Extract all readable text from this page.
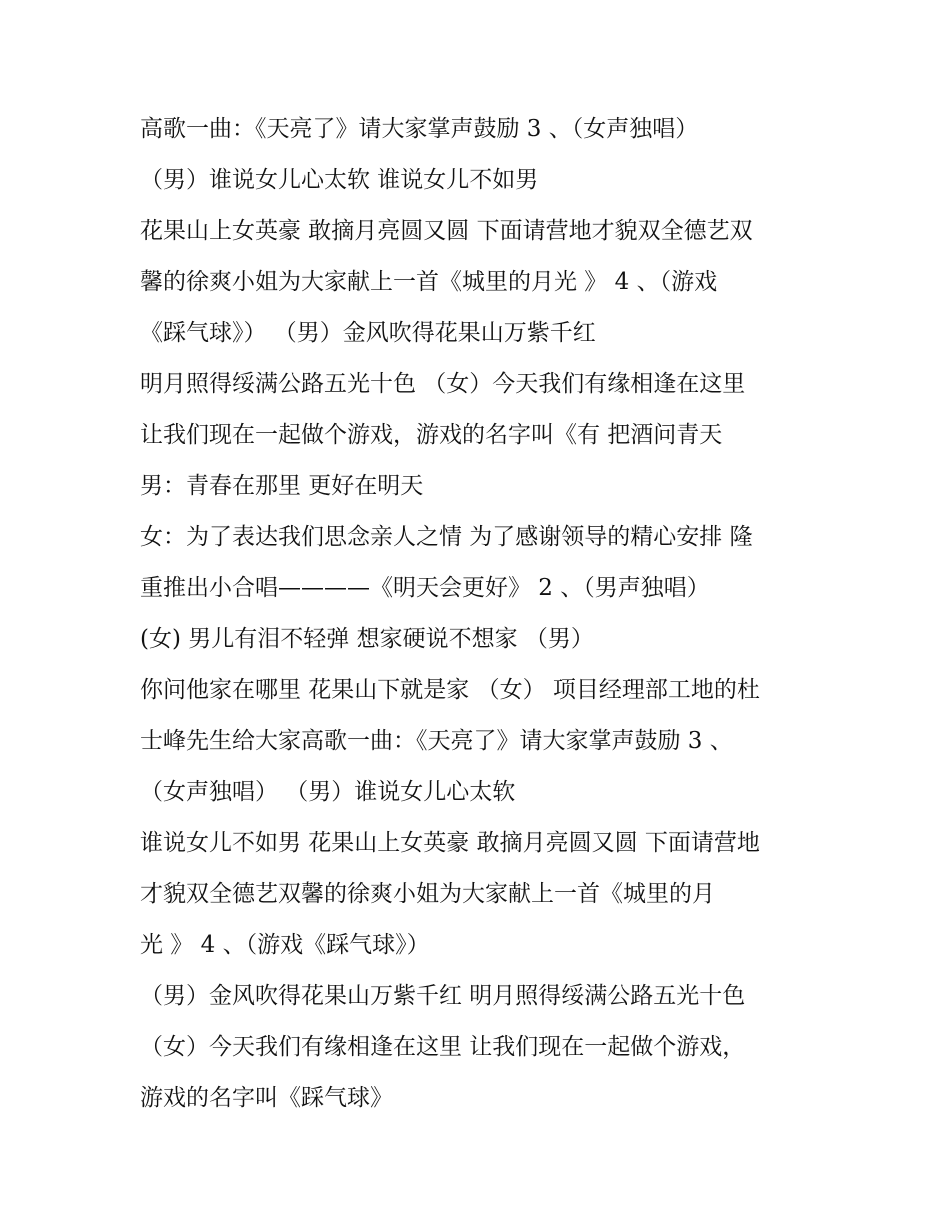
高歌一曲：《天亮了》请大家掌声鼓励 3 、（女声独唱）
（男）谁说女儿心太软 谁说女儿不如男
花果山上女英豪 敢摘月亮圆又圆 下面请营地才貌双全德艺双
馨的徐爽小姐为大家献上一首《城里的月光 》 4 、（游戏
《踩气球》） （男）金风吹得花果山万紫千红
明月照得绥满公路五光十色 （女）今天我们有缘相逢在这里
让我们现在一起做个游戏，游戏的名字叫《有 把酒问青天
男：青春在那里 更好在明天
女：为了表达我们思念亲人之情 为了感谢领导的精心安排 隆
重推出小合唱————《明天会更好》 2 、（男声独唱）
(女) 男儿有泪不轻弹 想家硬说不想家 （男）
你问他家在哪里 花果山下就是家 （女） 项目经理部工地的杜
士峰先生给大家高歌一曲：《天亮了》请大家掌声鼓励 3 、
（女声独唱） （男）谁说女儿心太软
谁说女儿不如男 花果山上女英豪 敢摘月亮圆又圆 下面请营地
才貌双全德艺双馨的徐爽小姐为大家献上一首《城里的月
光 》 4 、（游戏《踩气球》）
（男）金风吹得花果山万紫千红 明月照得绥满公路五光十色
（女）今天我们有缘相逢在这里 让我们现在一起做个游戏，
游戏的名字叫《踩气球》
